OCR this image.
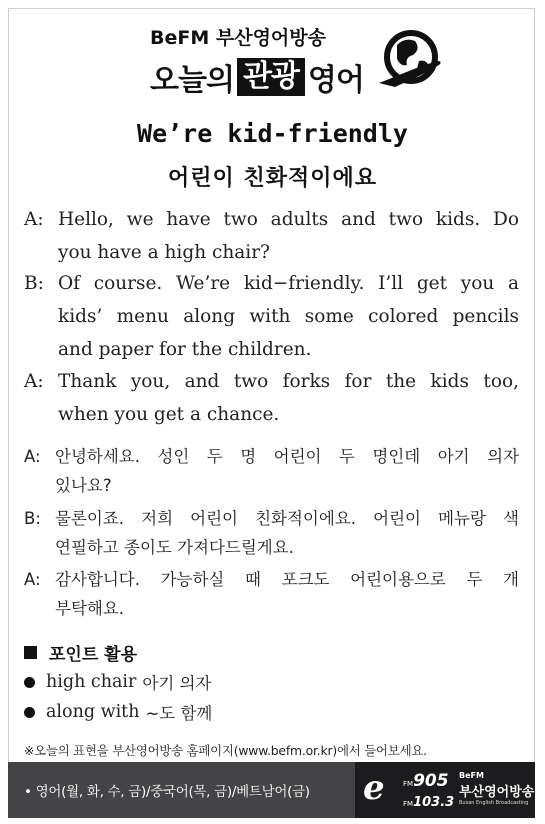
BeFM 부산영어방송
오늘의 관광 영어
We’re kid-friendly
어린이 친화적이에요
A: Hello, we have two adults and two kids. Do
you have a high chair?
B: Of course. We’re kid−friendly. I’ll get you a
kids’ menu along with some colored pencils
and paper for the children.
A: Thank you, and two forks for the kids too,
when you get a chance.
A: 안녕하세요. 성인 두 명 어린이 두 명인데 아기 의자
있나요?
B: 물론이죠. 저희 어린이 친화적이에요. 어린이 메뉴랑 색
연필하고 종이도 가져다드릴게요.
A: 감사합니다. 가능하실 때 포크도 어린이용으로 두 개
부탁해요.
포인트 활용
high chair 아기 의자
along with ~도 함께
※오늘의 표현을 부산영어방송 홈페이지(www.befm.or.kr)에서 들어보세요.
• 영어(월, 화, 수, 금)/중국어(목, 금)/베트남어(금) e	FM905
FM103.3
BeFM
부산영어방송
Busan English Broadcasting
